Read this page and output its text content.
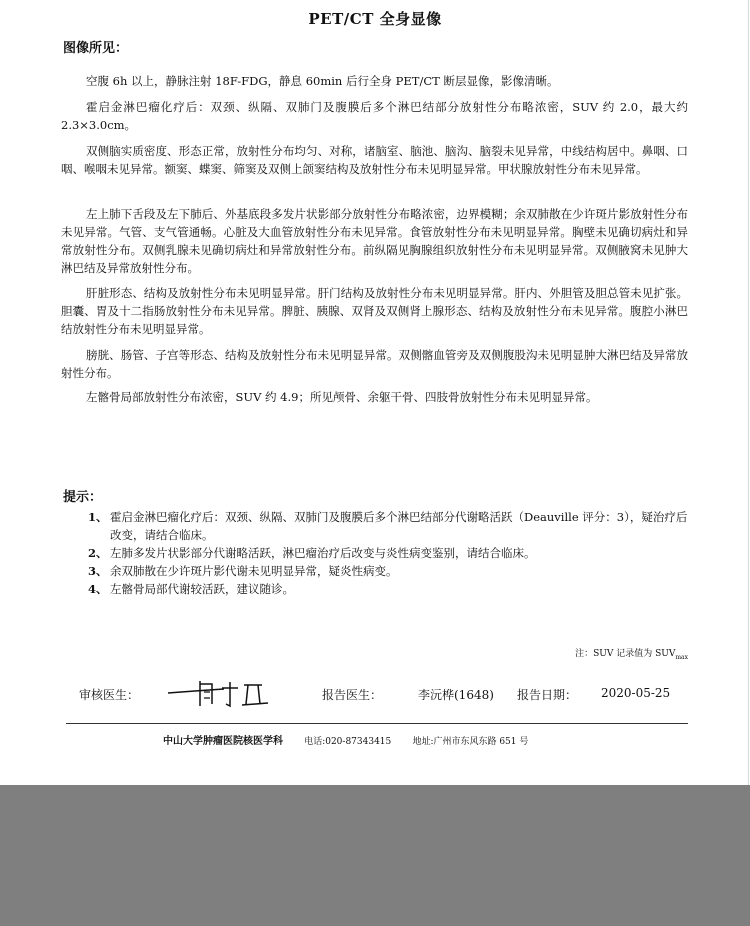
PET/CT 全身显像
图像所见：

空腹 6h 以上，静脉注射 18F-FDG，静息 60min 后行全身 PET/CT 断层显像，影像清晰。

霍启金淋巴瘤化疗后：双颈、纵隔、双肺门及腹膜后多个淋巴结部分放射性分布略浓密，SUV 约 2.0，最大约 2.3×3.0cm。

双侧脑实质密度、形态正常，放射性分布均匀、对称，诸脑室、脑池、脑沟、脑裂未见异常，中线结构居中。鼻咽、口咽、喉咽未见异常。额窦、蝶窦、筛窦及双侧上颌窦结构及放射性分布未见明显异常。甲状腺放射性分布未见异常。

左上肺下舌段及左下肺后、外基底段多发片状影部分放射性分布略浓密，边界模糊；余双肺散在少许斑片影放射性分布未见异常。气管、支气管通畅。心脏及大血管放射性分布未见异常。食管放射性分布未见明显异常。胸壁未见确切病灶和异常放射性分布。双侧乳腺未见确切病灶和异常放射性分布。前纵隔见胸腺组织放射性分布未见明显异常。双侧腋窝未见肿大淋巴结及异常放射性分布。

肝脏形态、结构及放射性分布未见明显异常。肝门结构及放射性分布未见明显异常。肝内、外胆管及胆总管未见扩张。胆囊、胃及十二指肠放射性分布未见异常。脾脏、胰腺、双肾及双侧肾上腺形态、结构及放射性分布未见异常。腹腔小淋巴结放射性分布未见明显异常。

膀胱、肠管、子宫等形态、结构及放射性分布未见明显异常。双侧髂血管旁及双侧腹股沟未见明显肿大淋巴结及异常放射性分布。

左髂骨局部放射性分布浓密，SUV 约 4.9；所见颅骨、余躯干骨、四肢骨放射性分布未见明显异常。

提示：
1、 霍启金淋巴瘤化疗后：双颈、纵隔、双肺门及腹膜后多个淋巴结部分代谢略活跃（Deauville 评分：3），疑治疗后改变，请结合临床。
2、 左肺多发片状影部分代谢略活跃，淋巴瘤治疗后改变与炎性病变鉴别，请结合临床。
3、 余双肺散在少许斑片影代谢未见明显异常，疑炎性病变。
4、 左髂骨局部代谢较活跃，建议随诊。
注：SUV 记录值为 $SUV_{max}$
审核医生：	报告医生：	李沅桦(1648) 报告日期： 2020-05-25
中山大学肿瘤医院核医学科 电话:020-87343415 地址:广州市东风东路 651 号
